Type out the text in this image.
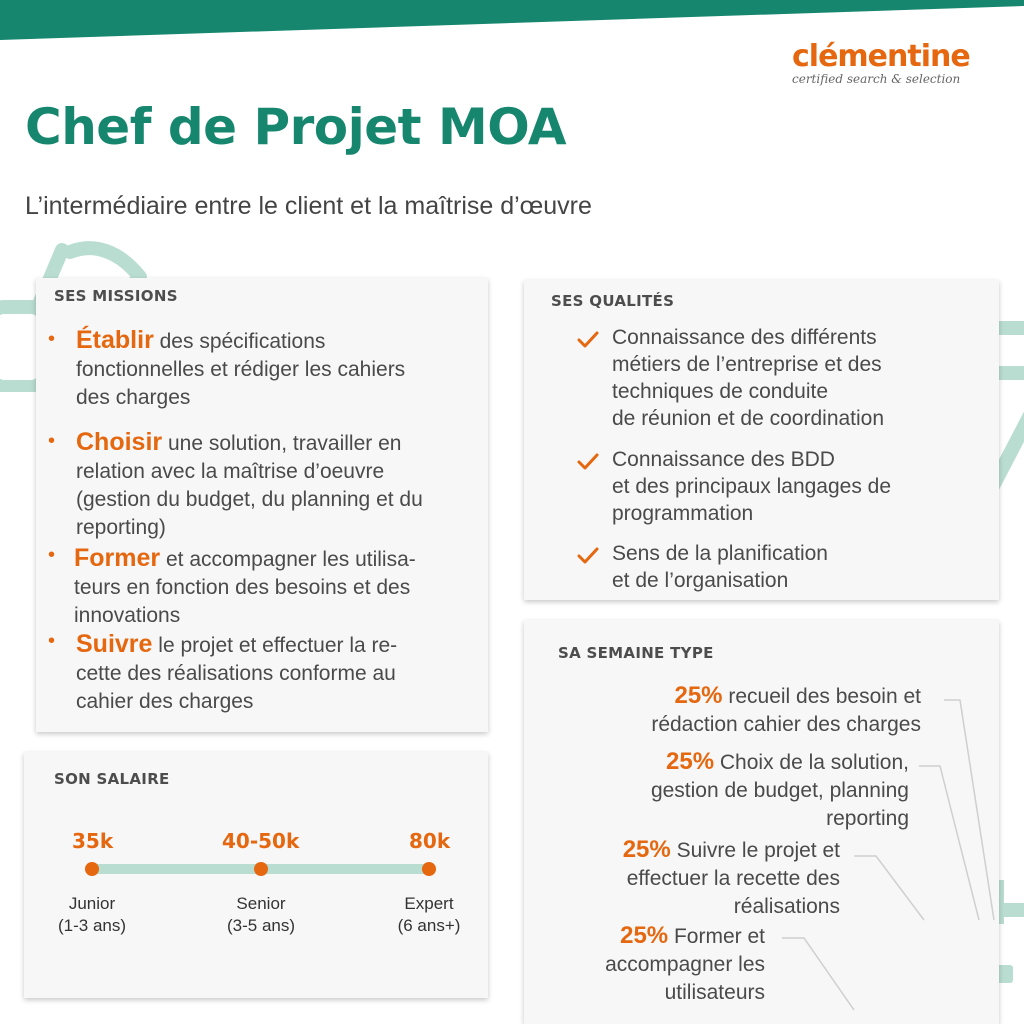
clémentine
certified search & selection
Chef de Projet MOA
L’intermédiaire entre le client et la maîtrise d’œuvre
SES MISSIONS
Établir des spécifications
fonctionnelles et rédiger les cahiers
des charges
•
Choisir une solution, travailler en
relation avec la maîtrise d’oeuvre
(gestion du budget, du planning et du
reporting)
•
Former et accompagner les utilisa-
teurs en fonction des besoins et des
innovations
•
Suivre le projet et effectuer la re-
cette des réalisations conforme au
cahier des charges
•
SES QUALITÉS
Connaissance des différents
métiers de l’entreprise et des
techniques de conduite
de réunion et de coordination
Connaissance des BDD
et des principaux langages de
programmation
Sens de la planification
et de l’organisation
SA SEMAINE TYPE
25% recueil des besoin et
rédaction cahier des charges
25% Choix de la solution,
gestion de budget, planning
reporting
25% Suivre le projet et
effectuer la recette des
réalisations
25% Former et
accompagner les
utilisateurs
SON SALAIRE
35k
Junior
(1-3 ans)
40-50k
Senior
(3-5 ans)
80k
Expert
(6 ans+)
